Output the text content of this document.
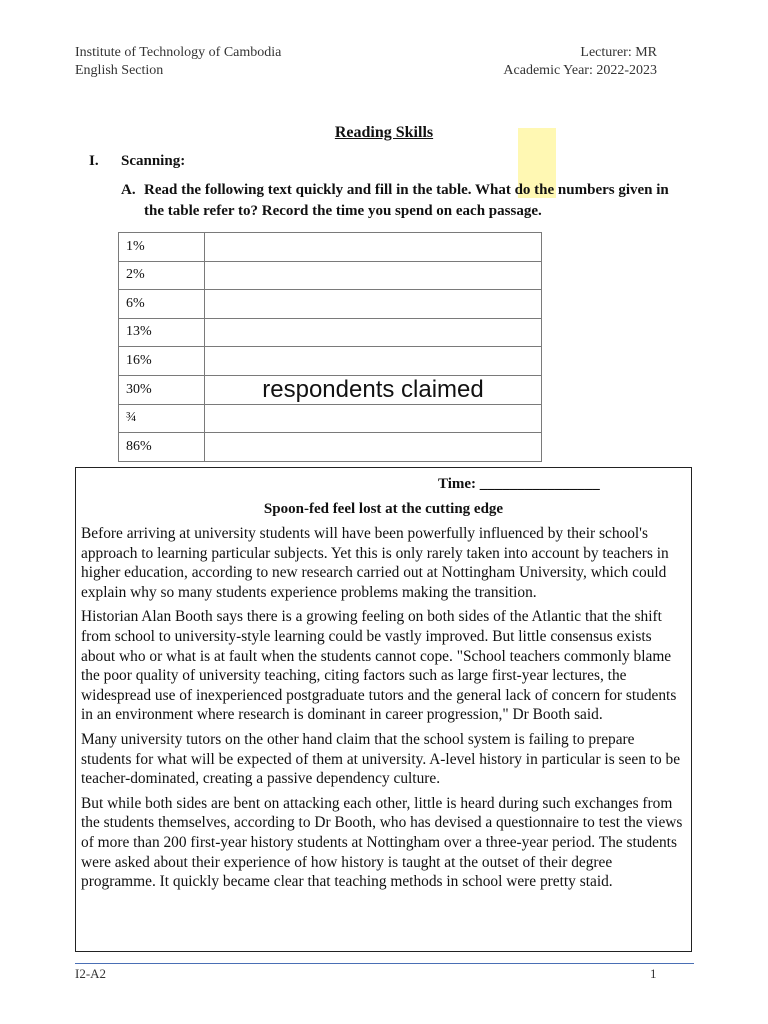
Institute of Technology of Cambodia
English Section
Lecturer: MR
Academic Year: 2022-2023
Reading Skills
I. Scanning:
A. Read the following text quickly and fill in the table. What do the numbers given in
the table refer to? Record the time you spend on each passage.
1%	

2%	

6%	

13%	

16%	

30%	respondents claimed

¾	

86%	
Time: ________________
Spoon-fed feel lost at the cutting edge

Before arriving at university students will have been powerfully influenced by their school's approach to learning particular subjects. Yet this is only rarely taken into account by teachers in higher education, according to new research carried out at Nottingham University, which could explain why so many students experience problems making the transition.

Historian Alan Booth says there is a growing feeling on both sides of the Atlantic that the shift from school to university-style learning could be vastly improved. But little consensus exists about who or what is at fault when the students cannot cope. "School teachers commonly blame the poor quality of university teaching, citing factors such as large first-year lectures, the widespread use of inexperienced postgraduate tutors and the general lack of concern for students in an environment where research is dominant in career progression," Dr Booth said.

Many university tutors on the other hand claim that the school system is failing to prepare students for what will be expected of them at university. A-level history in particular is seen to be teacher-dominated, creating a passive dependency culture.

But while both sides are bent on attacking each other, little is heard during such exchanges from the students themselves, according to Dr Booth, who has devised a questionnaire to test the views of more than 200 first-year history students at Nottingham over a three-year period. The students were asked about their experience of how history is taught at the outset of their degree programme. It quickly became clear that teaching methods in school were pretty staid.

I2-A2	1
